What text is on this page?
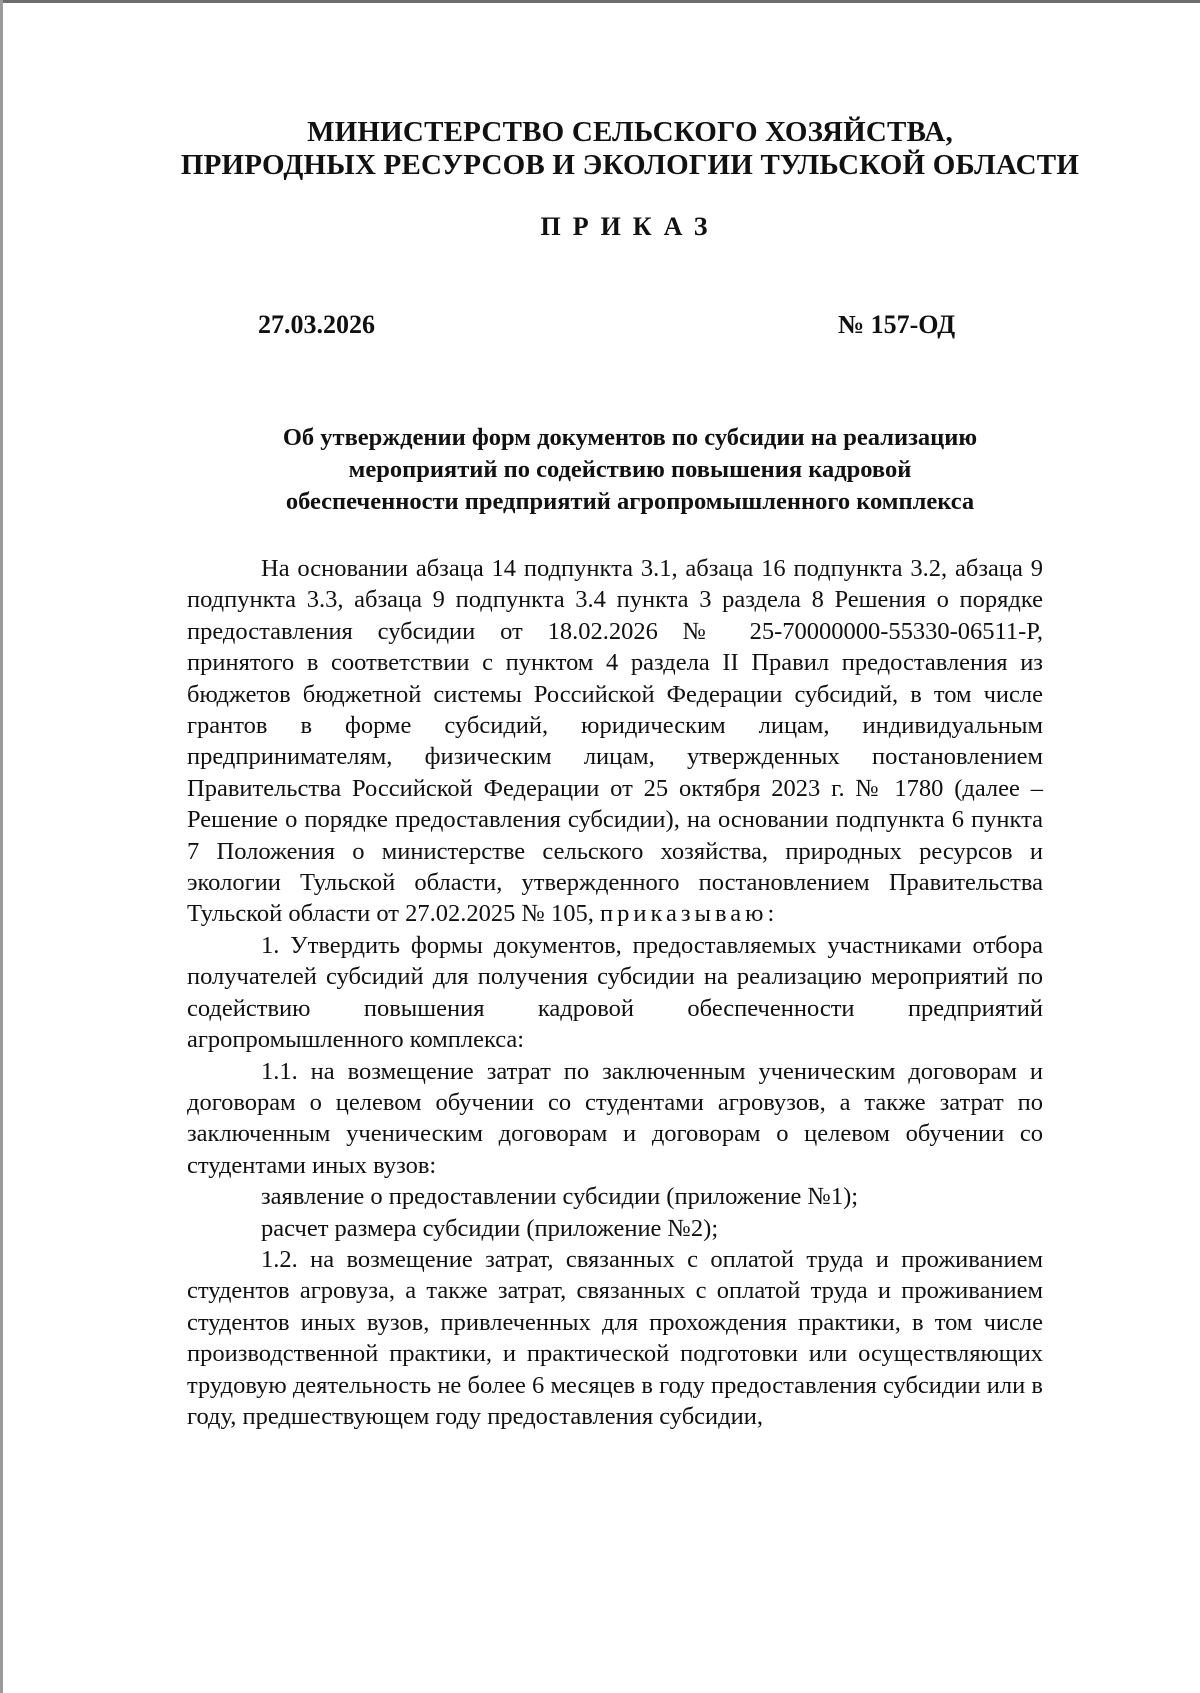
МИНИСТЕРСТВО СЕЛЬСКОГО ХОЗЯЙСТВА,
ПРИРОДНЫХ РЕСУРСОВ И ЭКОЛОГИИ ТУЛЬСКОЙ ОБЛАСТИ
ПРИКАЗ
27.03.2026	№ 157-ОД
Об утверждении форм документов по субсидии на реализацию
мероприятий по содействию повышения кадровой
обеспеченности предприятий агропромышленного комплекса

На основании абзаца 14 подпункта 3.1, абзаца 16 подпункта 3.2, абзаца 9 подпункта 3.3, абзаца 9 подпункта 3.4 пункта 3 раздела 8 Решения о порядке предоставления субсидии от 18.02.2026 № 25-70000000-55330-06511-Р, принятого в соответствии с пунктом 4 раздела II Правил предоставления из бюджетов бюджетной системы Российской Федерации субсидий, в том числе грантов в форме субсидий, юридическим лицам, индивидуальным предпринимателям, физическим лицам, утвержденных постановлением Правительства Российской Федерации от 25 октября 2023 г. № 1780 (далее – Решение о порядке предоставления субсидии), на основании подпункта 6 пункта 7 Положения о министерстве сельского хозяйства, природных ресурсов и экологии Тульской области, утвержденного постановлением Правительства Тульской области от 27.02.2025 № 105, приказываю:

1. Утвердить формы документов, предоставляемых участниками отбора получателей субсидий для получения субсидии на реализацию мероприятий по содействию повышения кадровой обеспеченности предприятий агропромышленного комплекса:

1.1. на возмещение затрат по заключенным ученическим договорам и договорам о целевом обучении со студентами агровузов, а также затрат по заключенным ученическим договорам и договорам о целевом обучении со студентами иных вузов:

заявление о предоставлении субсидии (приложение №1);

расчет размера субсидии (приложение №2);

1.2. на возмещение затрат, связанных с оплатой труда и проживанием студентов агровуза, а также затрат, связанных с оплатой труда и проживанием студентов иных вузов, привлеченных для прохождения практики, в том числе производственной практики, и практической подготовки или осуществляющих трудовую деятельность не более 6 месяцев в году предоставления субсидии или в году, предшествующем году предоставления субсидии,
